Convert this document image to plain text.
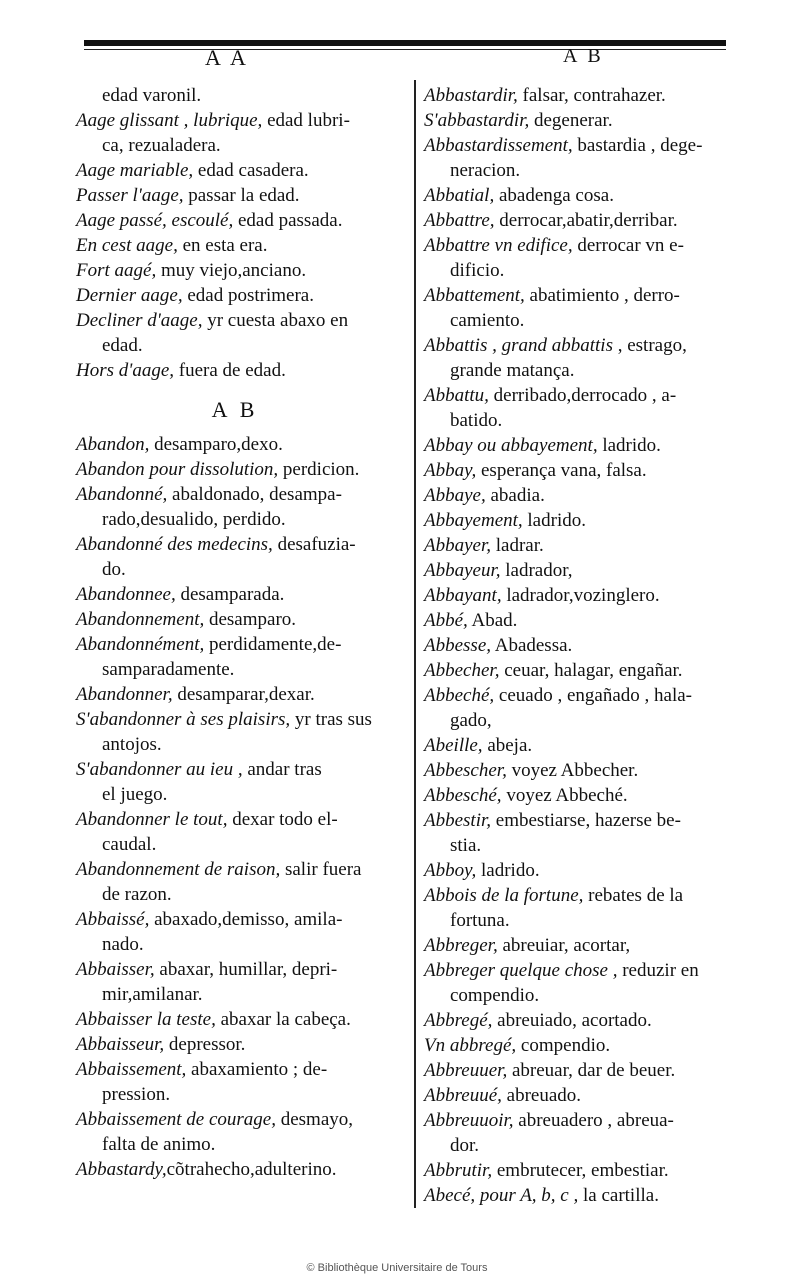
A A	A B

edad varonil.

Aage glissant , lubrique, edad lubri-

ca, rezualadera.

Aage mariable, edad casadera.

Passer l'aage, passar la edad.

Aage passé, escoulé, edad passada.

En cest aage, en esta era.

Fort aagé, muy viejo,anciano.

Dernier aage, edad postrimera.

Decliner d'aage, yr cuesta abaxo en

edad.

Hors d'aage, fuera de edad.

A B

Abandon, desamparo,dexo.

Abandon pour dissolution, perdicion.

Abandonné, abaldonado, desampa-

rado,desualido, perdido.

Abandonné des medecins, desafuzia-

do.

Abandonnee, desamparada.

Abandonnement, desamparo.

Abandonnément, perdidamente,de-

samparadamente.

Abandonner, desamparar,dexar.

S'abandonner à ses plaisirs, yr tras sus

antojos.

S'abandonner au ieu , andar tras

el juego.

Abandonner le tout, dexar todo el-

caudal.

Abandonnement de raison, salir fuera

de razon.

Abbaissé, abaxado,demisso, amila-

nado.

Abbaisser, abaxar, humillar, depri-

mir,amilanar.

Abbaisser la teste, abaxar la cabeça.

Abbaisseur, depressor.

Abbaissement, abaxamiento ; de-

pression.

Abbaissement de courage, desmayo,

falta de animo.

Abbastardy,cõtrahecho,adulterino.

Abbastardir, falsar, contrahazer.

S'abbastardir, degenerar.

Abbastardissement, bastardia , dege-

neracion.

Abbatial, abadenga cosa.

Abbattre, derrocar,abatir,derribar.

Abbattre vn edifice, derrocar vn e-

dificio.

Abbattement, abatimiento , derro-

camiento.

Abbattis , grand abbattis , estrago,

grande matança.

Abbattu, derribado,derrocado , a-

batido.

Abbay ou abbayement, ladrido.

Abbay, esperança vana, falsa.

Abbaye, abadia.

Abbayement, ladrido.

Abbayer, ladrar.

Abbayeur, ladrador,

Abbayant, ladrador,vozinglero.

Abbé, Abad.

Abbesse, Abadessa.

Abbecher, ceuar, halagar, engañar.

Abbeché, ceuado , engañado , hala-

gado,

Abeille, abeja.

Abbescher, voyez Abbecher.

Abbesché, voyez Abbeché.

Abbestir, embestiarse, hazerse be-

stia.

Abboy, ladrido.

Abbois de la fortune, rebates de la

fortuna.

Abbreger, abreuiar, acortar,

Abbreger quelque chose , reduzir en

compendio.

Abbregé, abreuiado, acortado.

Vn abbregé, compendio.

Abbreuuer, abreuar, dar de beuer.

Abbreuué, abreuado.

Abbreuuoir, abreuadero , abreua-

dor.

Abbrutir, embrutecer, embestiar.

Abecé, pour A, b, c , la cartilla.

© Bibliothèque Universitaire de Tours
